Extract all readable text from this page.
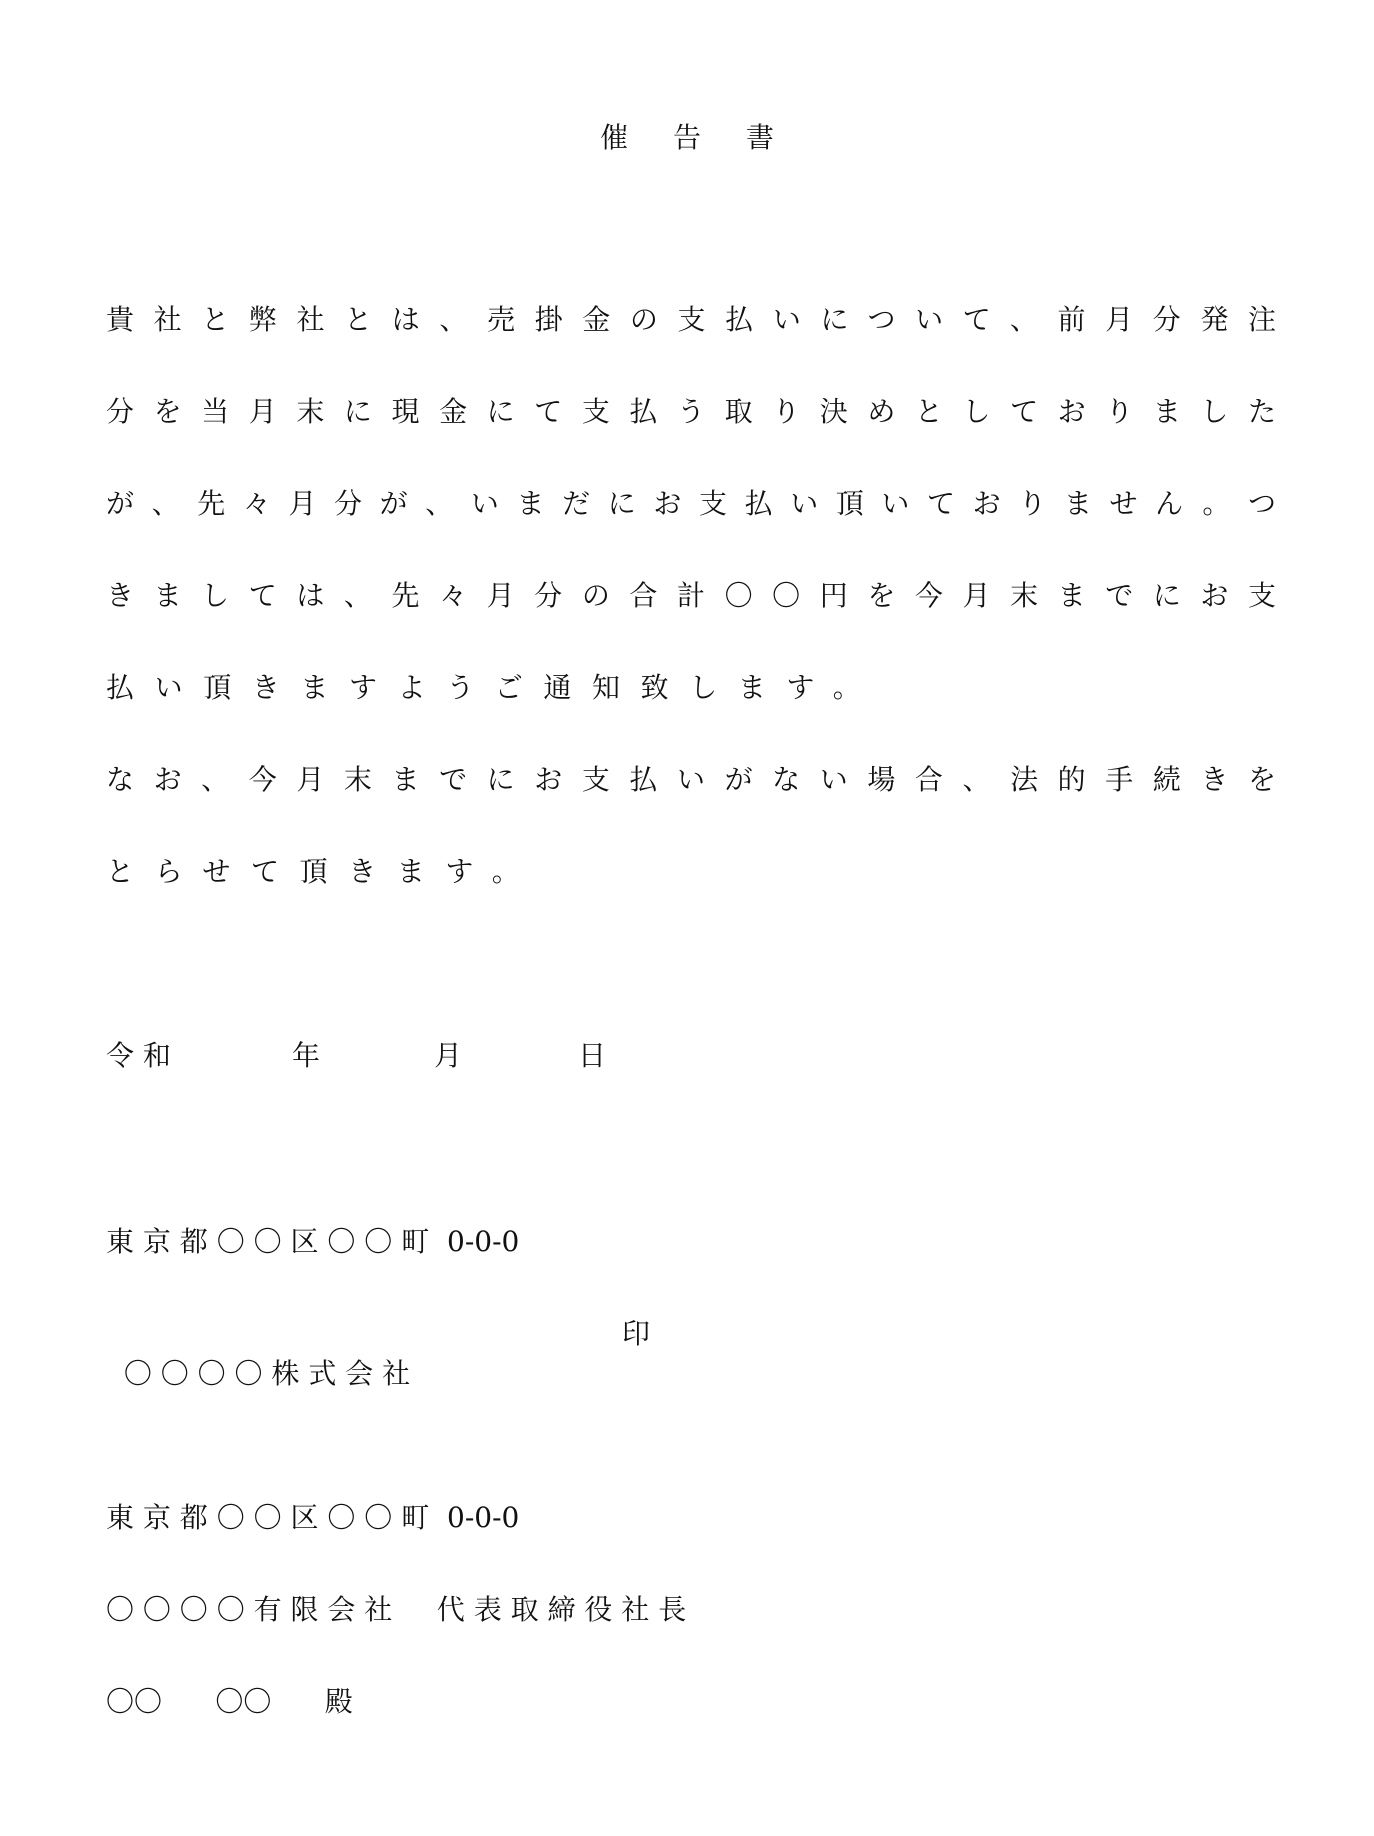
催 告 書
貴社と弊社とは、売掛金の支払いについて、前月分発注
分を当月末に現金にて支払う取り決めとしておりました
が、先々月分が、いまだにお支払い頂いておりません。つ
きましては、先々月分の合計〇〇円を今月末までにお支
払い頂きますようご通知致します。
なお、今月末までにお支払いがない場合、法的手続きを
とらせて頂きます。

令 和

	年

	月

	日

東 京 都 〇 〇 区 〇 〇 町  0-0-0

〇 〇 〇 〇 株 式 会 社

印

東 京 都 〇 〇 区 〇 〇 町  0-0-0
〇 〇 〇 〇 有 限 会 社     代 表 取 締 役 社 長
〇〇      〇〇      殿
